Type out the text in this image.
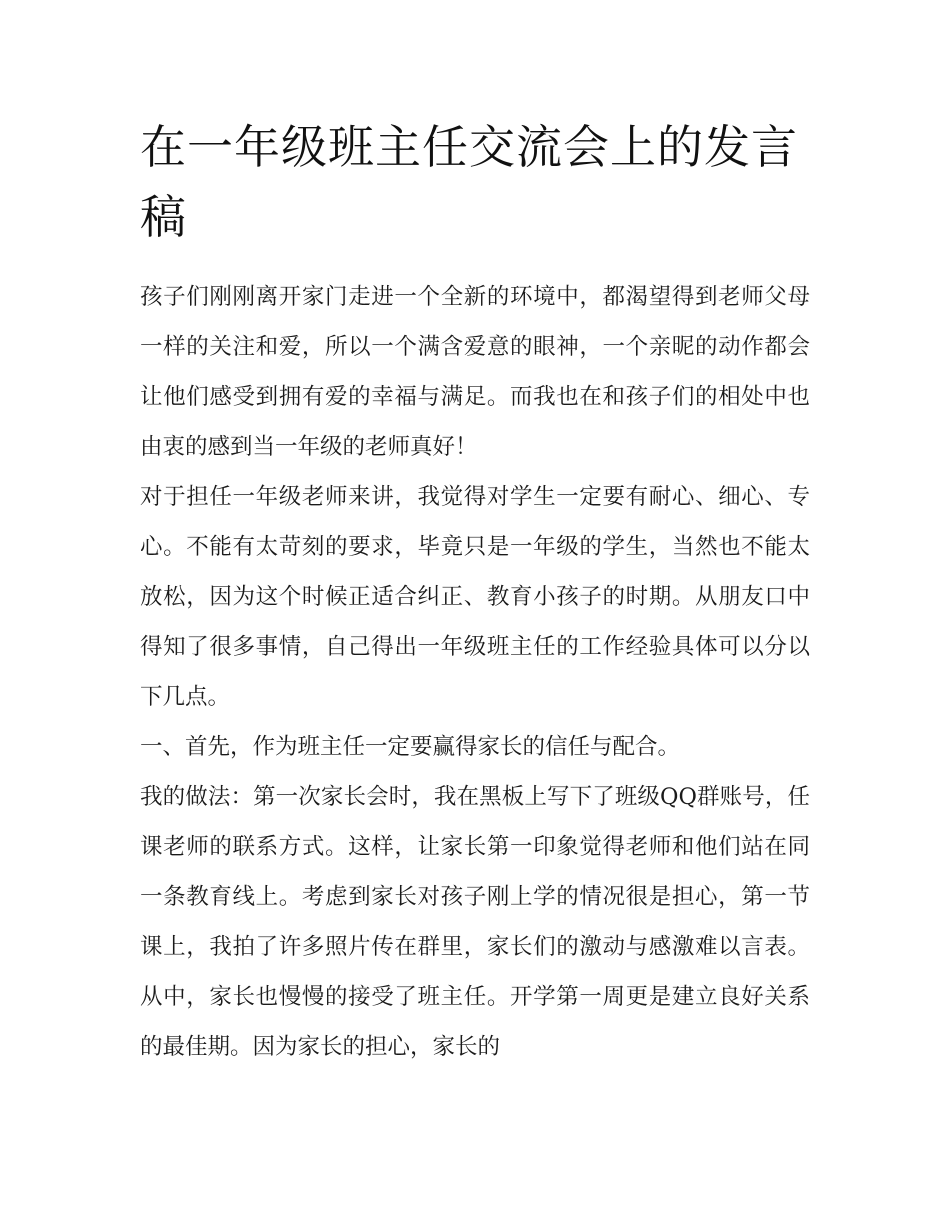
在一年级班主任交流会上的发言稿

孩子们刚刚离开家门走进一个全新的环境中，都渴望得到老师父母一样的关注和爱，所以一个满含爱意的眼神，一个亲昵的动作都会让他们感受到拥有爱的幸福与满足。而我也在和孩子们的相处中也由衷的感到当一年级的老师真好！

对于担任一年级老师来讲，我觉得对学生一定要有耐心、细心、专心。不能有太苛刻的要求，毕竟只是一年级的学生，当然也不能太放松，因为这个时候正适合纠正、教育小孩子的时期。从朋友口中得知了很多事情，自己得出一年级班主任的工作经验具体可以分以下几点。

一、首先，作为班主任一定要赢得家长的信任与配合。

我的做法：第一次家长会时，我在黑板上写下了班级QQ群账号，任课老师的联系方式。这样，让家长第一印象觉得老师和他们站在同一条教育线上。考虑到家长对孩子刚上学的情况很是担心，第一节课上，我拍了许多照片传在群里，家长们的激动与感激难以言表。从中，家长也慢慢的接受了班主任。开学第一周更是建立良好关系的最佳期。因为家长的担心，家长的
